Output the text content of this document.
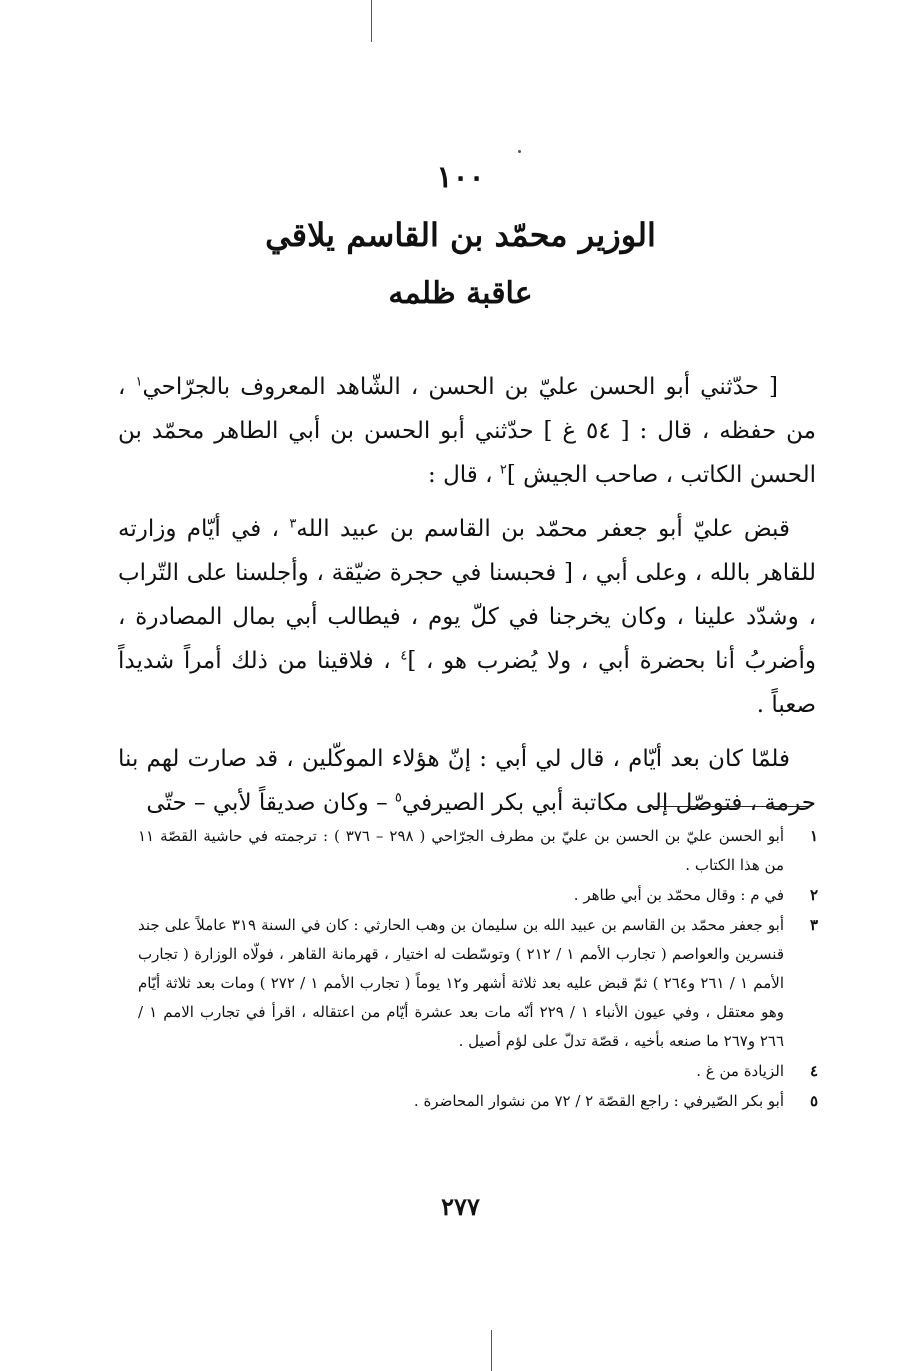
١٠٠
الوزير محمّد بن القاسم يلاقي
عاقبة ظلمه

[ حدّثني أبو الحسن عليّ بن الحسن ، الشّاهد المعروف بالجرّاحي$^١$ ، من حفظه ، قال : [ ٥٤ غ ] حدّثني أبو الحسن بن أبي الطاهر محمّد بن الحسن الكاتب ، صاحب الجيش ]$^٢$ ، قال :

قبض عليّ أبو جعفر محمّد بن القاسم بن عبيد الله$^٣$ ، في أيّام وزارته للقاهر بالله ، وعلى أبي ، [ فحبسنا في حجرة ضيّقة ، وأجلسنا على التّراب ، وشدّد علينا ، وكان يخرجنا في كلّ يوم ، فيطالب أبي بمال المصادرة ، وأضربُ أنا بحضرة أبي ، ولا يُضرب هو ، ]$^٤$ ، فلاقينا من ذلك أمراً شديداً صعباً .

فلمّا كان بعد أيّام ، قال لي أبي : إنّ هؤلاء الموكّلين ، قد صارت لهم بنا حرمة ، فتوصّل إلى مكاتبة أبي بكر الصيرفي$^٥$ – وكان صديقاً لأبي – حتّى

١
أبو الحسن عليّ بن الحسن بن عليّ بن مطرف الجرّاحي ( ٢٩٨ – ٣٧٦ ) : ترجمته في حاشية القصّة ١١ من هذا الكتاب .
٢
في م : وقال محمّد بن أبي طاهر .
٣
أبو جعفر محمّد بن القاسم بن عبيد الله بن سليمان بن وهب الحارثي : كان في السنة ٣١٩ عاملاً على جند قنسرين والعواصم ( تجارب الأمم ١ / ٢١٢ ) وتوسّطت له اختيار ، قهرمانة القاهر ، فولّاه الوزارة ( تجارب الأمم ١ / ٢٦١ و٢٦٤ ) ثمّ قبض عليه بعد ثلاثة أشهر و١٢ يوماً ( تجارب الأمم ١ / ٢٧٢ ) ومات بعد ثلاثة أيّام وهو معتقل ، وفي عيون الأنباء ١ / ٢٢٩ أنّه مات بعد عشرة أيّام من اعتقاله ، اقرأ في تجارب الامم ١ / ٢٦٦ و٢٦٧ ما صنعه بأخيه ، قصّة تدلّ على لؤم أصيل .
٤
الزيادة من غ .
٥
أبو بكر الصّيرفي : راجع القصّة ٢ / ٧٢ من نشوار المحاضرة .
٢٧٧
